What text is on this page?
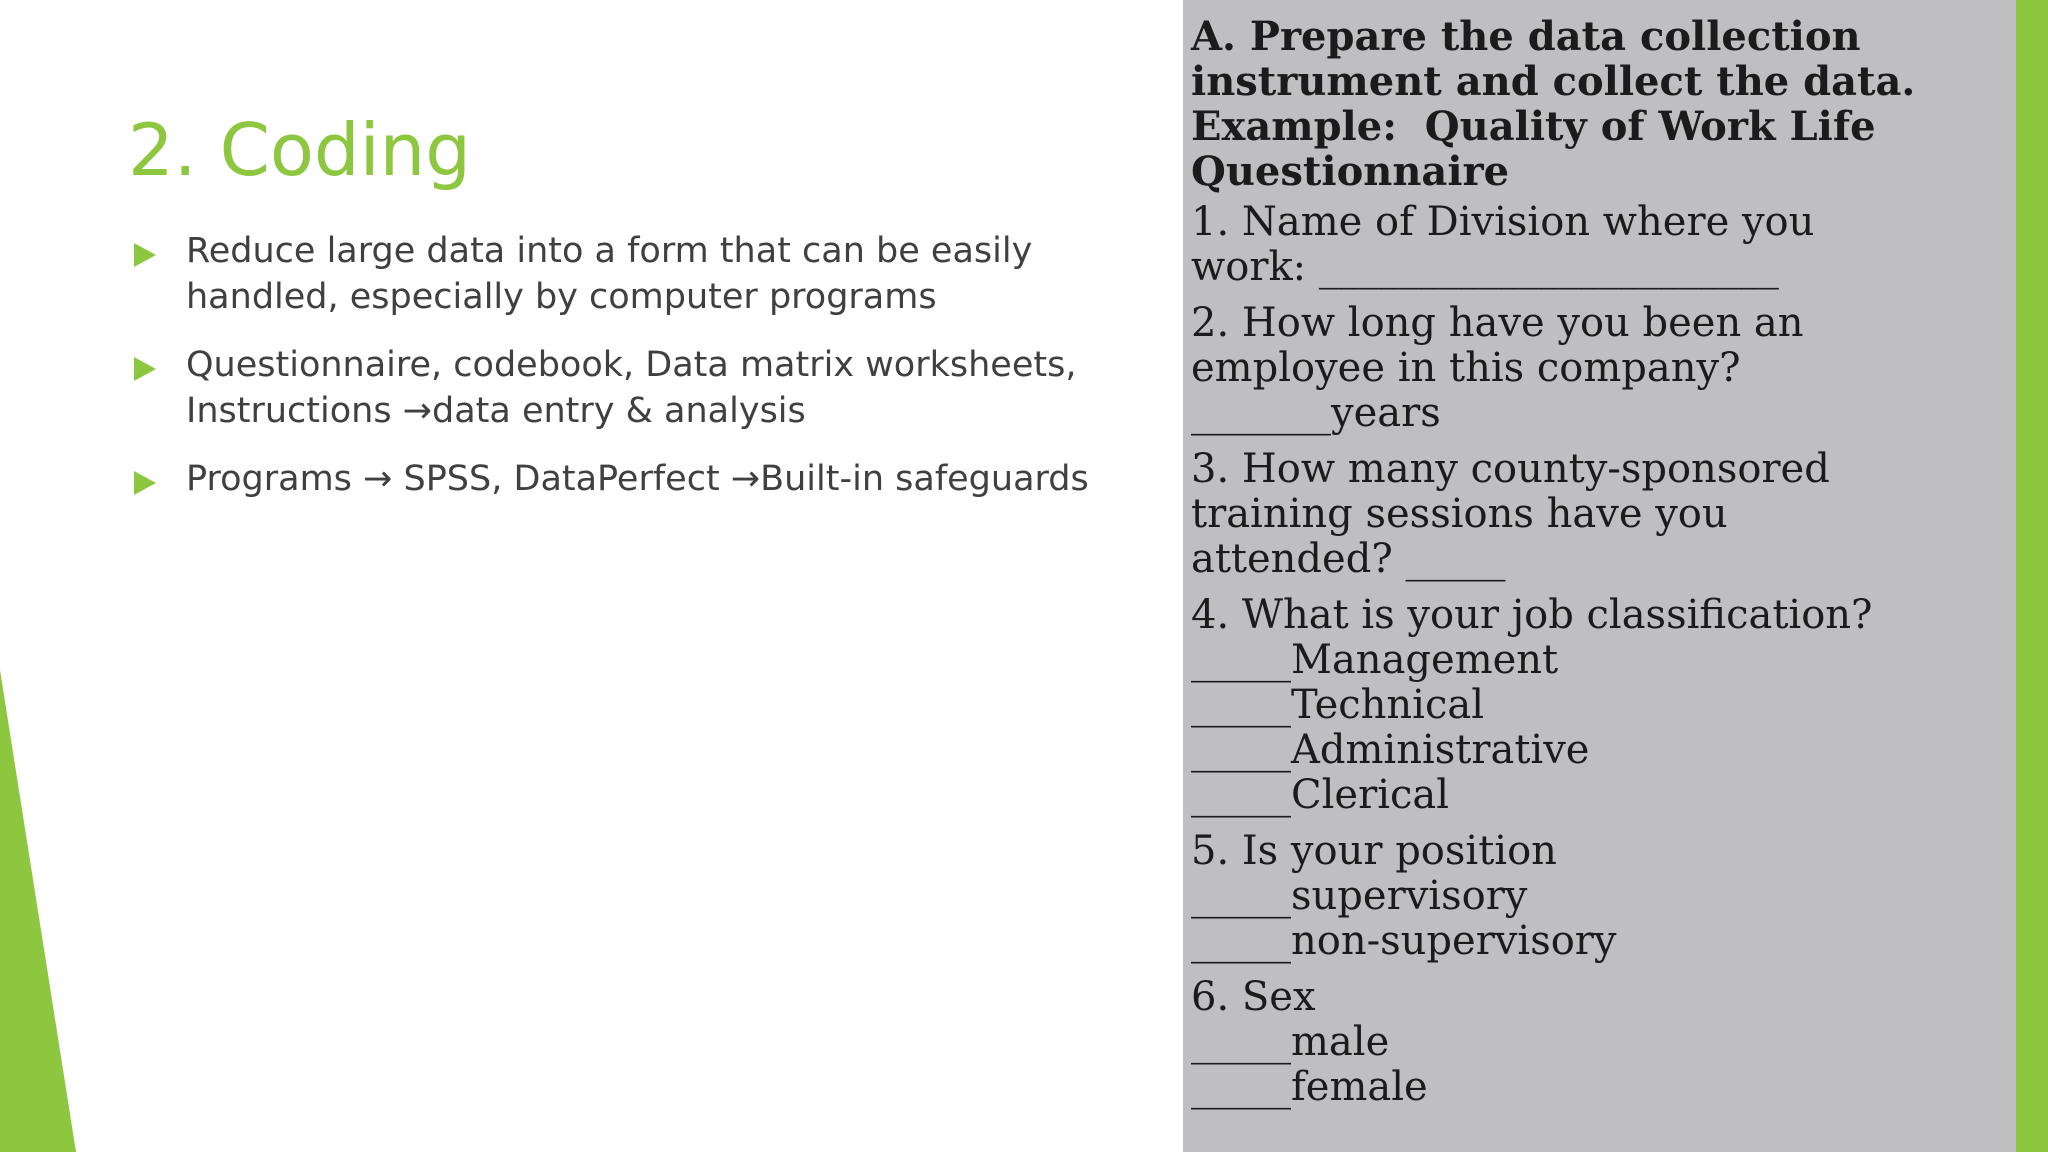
2. Coding
Reduce large data into a form that can be easily handled, especially by computer programs
Questionnaire, codebook, Data matrix worksheets, Instructions →data entry & analysis
Programs → SPSS, DataPerfect →Built-in safeguards
A. Prepare the data collection
instrument and collect the data.
Example:  Quality of Work Life
Questionnaire
1. Name of Division where you
work: _______________________
2. How long have you been an
employee in this company?
_______years
3. How many county-sponsored
training sessions have you
attended? _____
4. What is your job classification?
_____Management
_____Technical
_____Administrative
_____Clerical
5. Is your position
_____supervisory
_____non-supervisory
6. Sex
_____male
_____female
